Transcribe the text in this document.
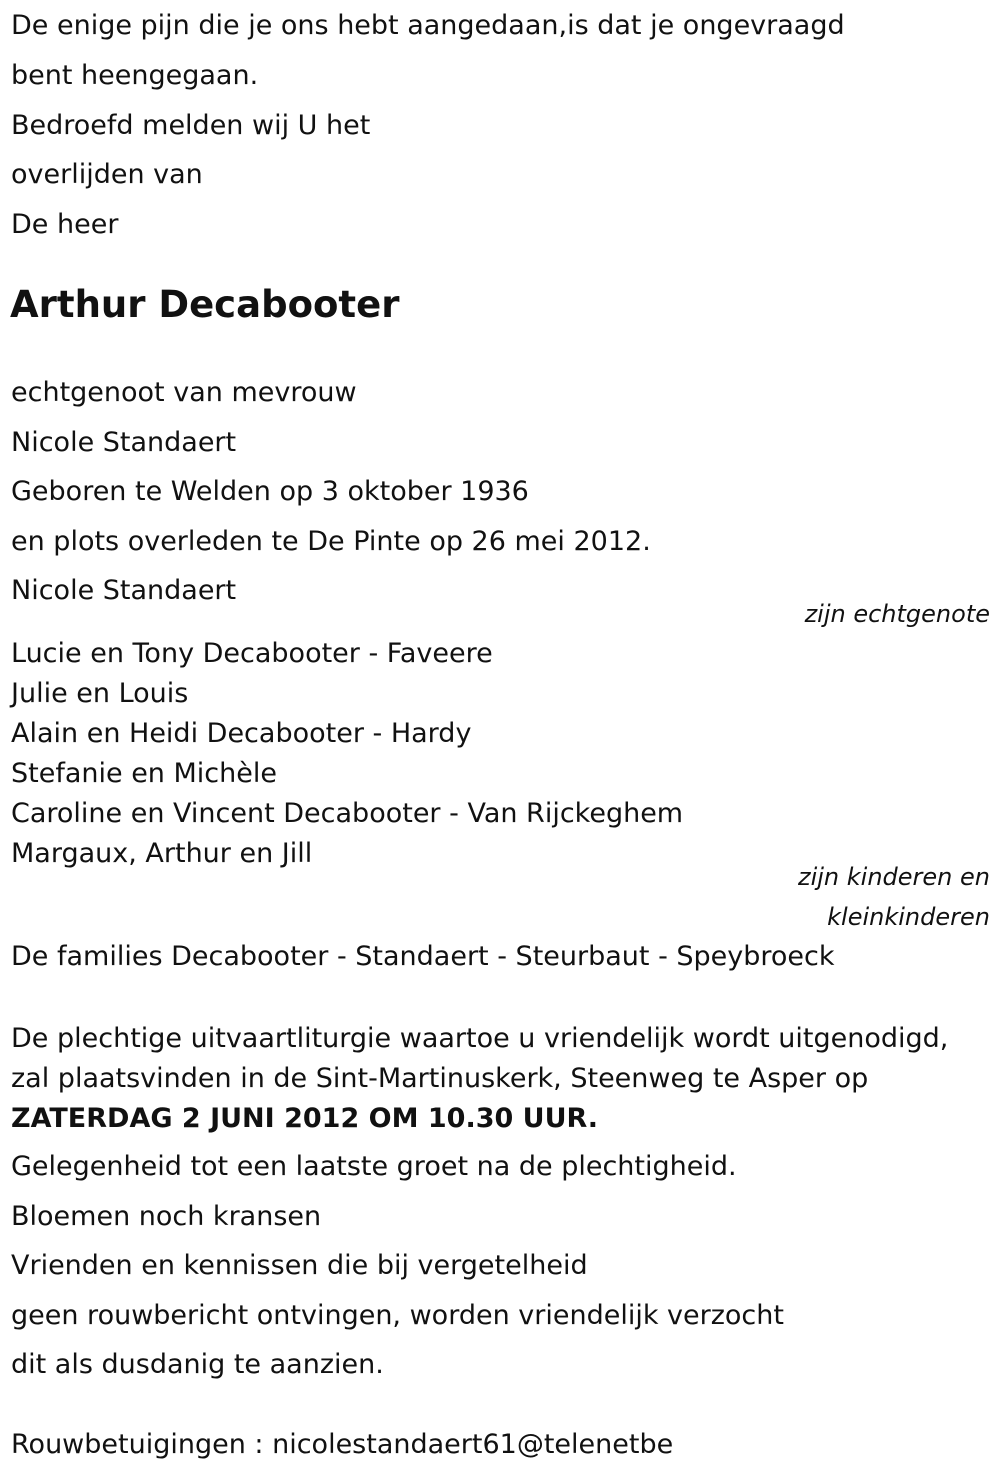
De enige pijn die je ons hebt aangedaan,is dat je ongevraagd
bent heengegaan.
Bedroefd melden wij U het
overlijden van
De heer
Arthur Decabooter
echtgenoot van mevrouw
Nicole Standaert
Geboren te Welden op 3 oktober 1936
en plots overleden te De Pinte op 26 mei 2012.
Nicole Standaert
zijn echtgenote
Lucie en Tony Decabooter - Faveere
Julie en Louis
Alain en Heidi Decabooter - Hardy
Stefanie en Michèle
Caroline en Vincent Decabooter - Van Rijckeghem
Margaux, Arthur en Jill
zijn kinderen en
kleinkinderen
De families Decabooter - Standaert - Steurbaut - Speybroeck
De plechtige uitvaartliturgie waartoe u vriendelijk wordt uitgenodigd, zal plaatsvinden in de Sint-Martinuskerk, Steenweg te Asper op ZATERDAG 2 JUNI 2012 OM 10.30 UUR.
Gelegenheid tot een laatste groet na de plechtigheid.
Bloemen noch kransen
Vrienden en kennissen die bij vergetelheid
geen rouwbericht ontvingen, worden vriendelijk verzocht
dit als dusdanig te aanzien.
Rouwbetuigingen : nicolestandaert61@telenetbe
